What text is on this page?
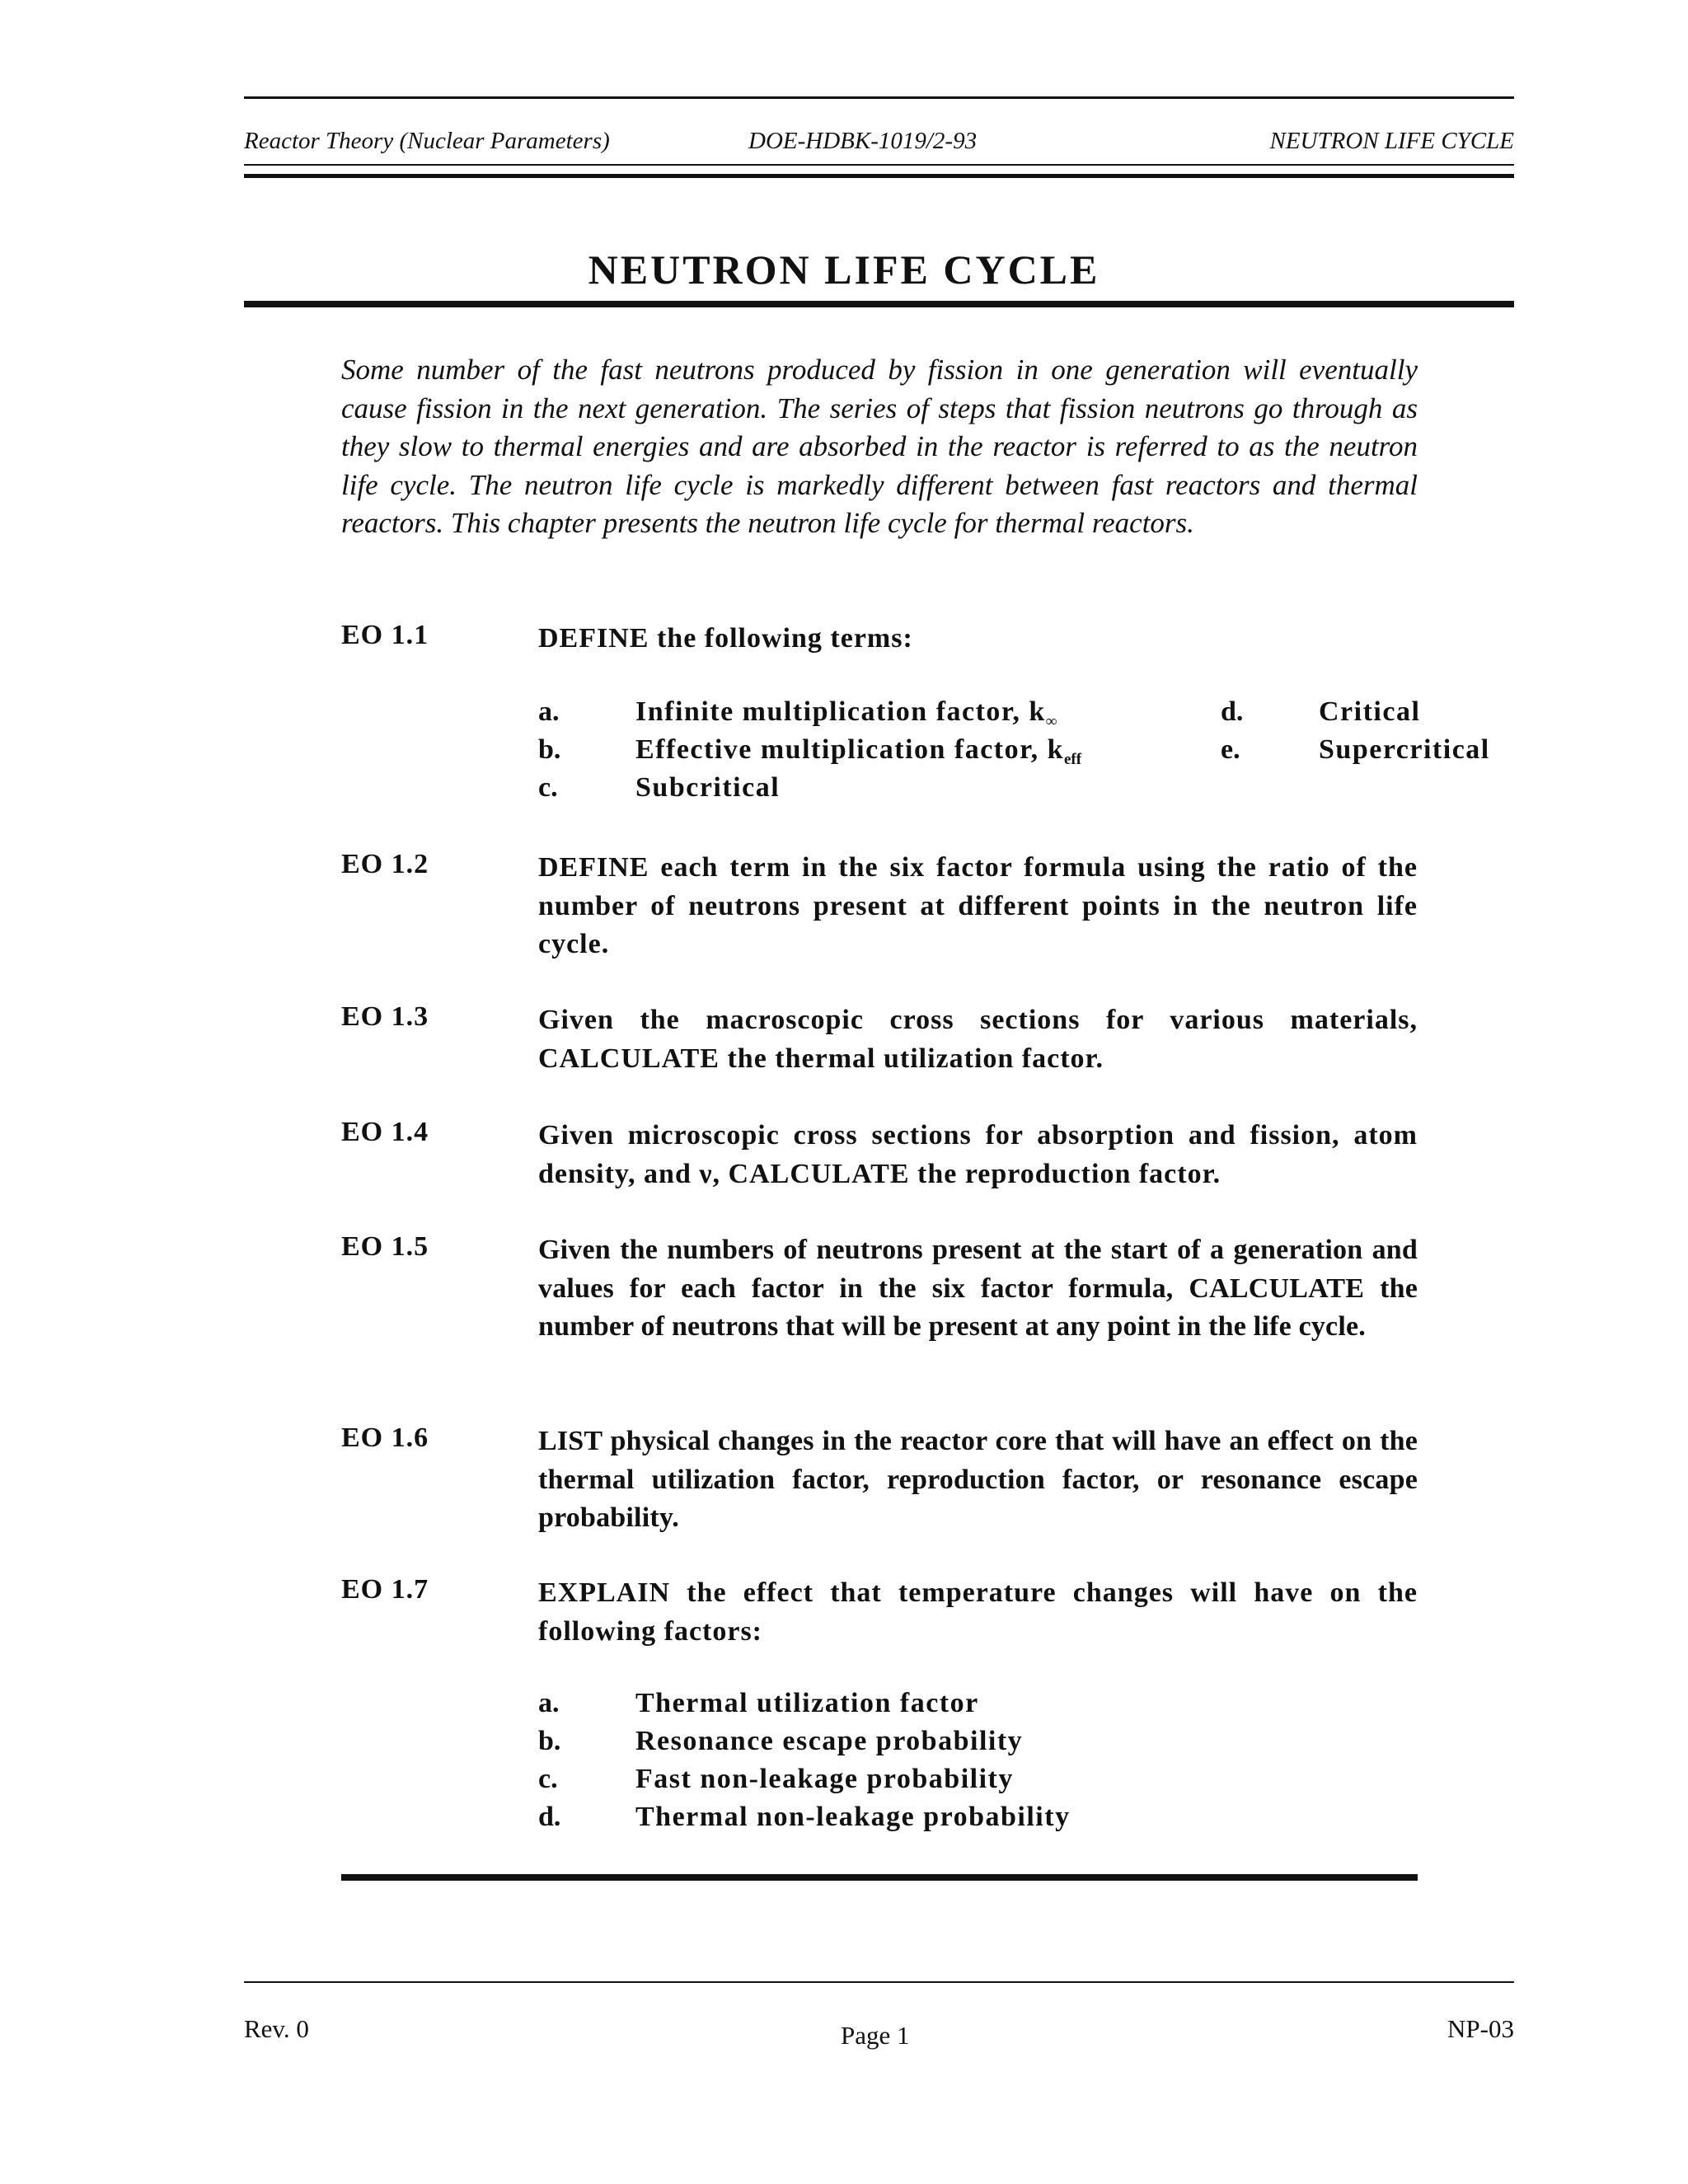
Reactor Theory (Nuclear Parameters)	DOE-HDBK-1019/2-93	NEUTRON LIFE CYCLE
NEUTRON LIFE CYCLE
Some number of the fast neutrons produced by fission in one generation will eventually cause fission in the next generation. The series of steps that fission neutrons go through as they slow to thermal energies and are absorbed in the reactor is referred to as the neutron life cycle. The neutron life cycle is markedly different between fast reactors and thermal reactors. This chapter presents the neutron life cycle for thermal reactors.
EO 1.1	DEFINE the following terms:
a.	Infinite multiplication factor, $k_\infty$
b.	Effective multiplication factor, $k_{eff}$
c.	Subcritical
d.	Critical
e.	Supercritical
EO 1.2	DEFINE each term in the six factor formula using the ratio of the number of neutrons present at different points in the neutron life cycle.
EO 1.3	Given the macroscopic cross sections for various materials, CALCULATE the thermal utilization factor.
EO 1.4	Given microscopic cross sections for absorption and fission, atom density, and ν, CALCULATE the reproduction factor.
EO 1.5	Given the numbers of neutrons present at the start of a generation and values for each factor in the six factor formula, CALCULATE the number of neutrons that will be present at any point in the life cycle.
EO 1.6	LIST physical changes in the reactor core that will have an effect on the thermal utilization factor, reproduction factor, or resonance escape probability.
EO 1.7	EXPLAIN the effect that temperature changes will have on the following factors:
a.	Thermal utilization factor
b.	Resonance escape probability
c.	Fast non-leakage probability
d.	Thermal non-leakage probability
Rev. 0	Page 1	NP-03
